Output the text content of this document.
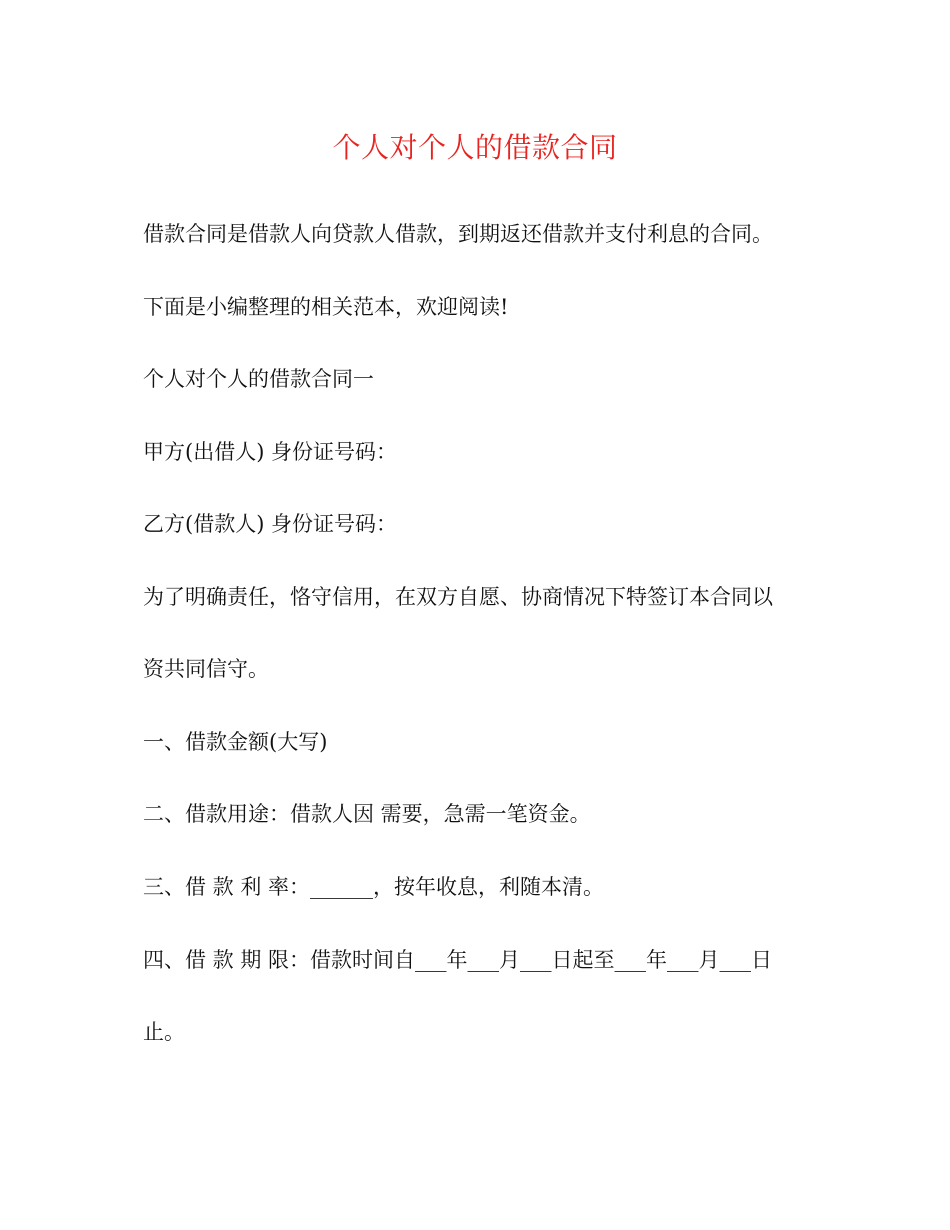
个人对个人的借款合同
借款合同是借款人向贷款人借款，到期返还借款并支付利息的合同。
下面是小编整理的相关范本，欢迎阅读!
个人对个人的借款合同一
甲方(出借人) 身份证号码：
乙方(借款人) 身份证号码：
为了明确责任，恪守信用，在双方自愿、协商情况下特签订本合同以
资共同信守。
一、借款金额(大写)
二、借款用途：借款人因 需要，急需一笔资金。
三、借 款 利 率：______，按年收息，利随本清。
四、借 款 期 限：借款时间自___年___月___日起至___年___月___日
止。
